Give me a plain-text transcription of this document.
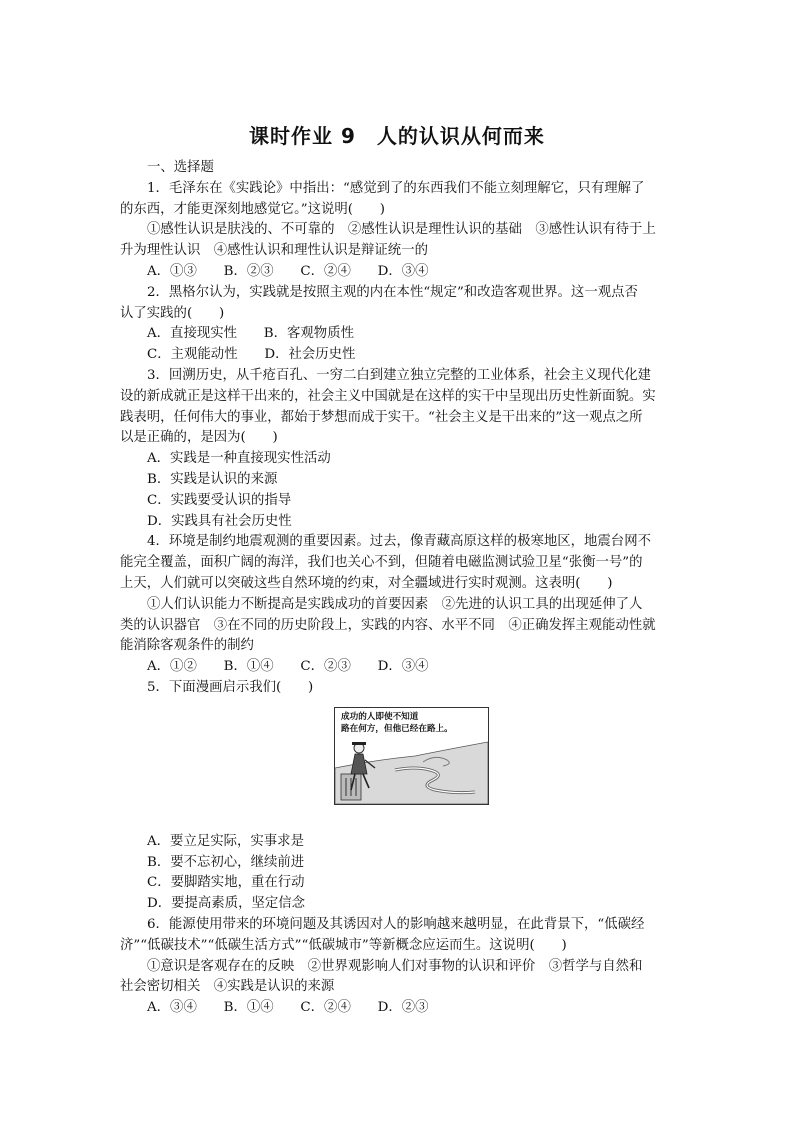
课时作业 9　人的认识从何而来
一、选择题
1．毛泽东在《实践论》中指出：“感觉到了的东西我们不能立刻理解它，只有理解了
的东西，才能更深刻地感觉它。”这说明(　　)
①感性认识是肤浅的、不可靠的　②感性认识是理性认识的基础　③感性认识有待于上
升为理性认识　④感性认识和理性认识是辩证统一的
A．①③　　B．②③　　C．②④　　D．③④
2．黑格尔认为，实践就是按照主观的内在本性“规定”和改造客观世界。这一观点否
认了实践的(　　)
A．直接现实性　　B．客观物质性
C．主观能动性　　D．社会历史性
3．回溯历史，从千疮百孔、一穷二白到建立独立完整的工业体系，社会主义现代化建
设的新成就正是这样干出来的，社会主义中国就是在这样的实干中呈现出历史性新面貌。实
践表明，任何伟大的事业，都始于梦想而成于实干。“社会主义是干出来的”这一观点之所
以是正确的，是因为(　　)
A．实践是一种直接现实性活动
B．实践是认识的来源
C．实践要受认识的指导
D．实践具有社会历史性
4．环境是制约地震观测的重要因素。过去，像青藏高原这样的极寒地区，地震台网不
能完全覆盖，面积广阔的海洋，我们也关心不到，但随着电磁监测试验卫星“张衡一号”的
上天，人们就可以突破这些自然环境的约束，对全疆域进行实时观测。这表明(　　)
①人们认识能力不断提高是实践成功的首要因素　②先进的认识工具的出现延伸了人
类的认识器官　③在不同的历史阶段上，实践的内容、水平不同　④正确发挥主观能动性就
能消除客观条件的制约
A．①②　　B．①④　　C．②③　　D．③④
5．下面漫画启示我们(　　)
成功的人即使不知道
路在何方，但他已经在路上。
A．要立足实际，实事求是
B．要不忘初心，继续前进
C．要脚踏实地，重在行动
D．要提高素质，坚定信念
6．能源使用带来的环境问题及其诱因对人的影响越来越明显，在此背景下，“低碳经
济”“低碳技术”“低碳生活方式”“低碳城市”等新概念应运而生。这说明(　　)
①意识是客观存在的反映　②世界观影响人们对事物的认识和评价　③哲学与自然和
社会密切相关　④实践是认识的来源
A．③④　　B．①④　　C．②④　　D．②③
